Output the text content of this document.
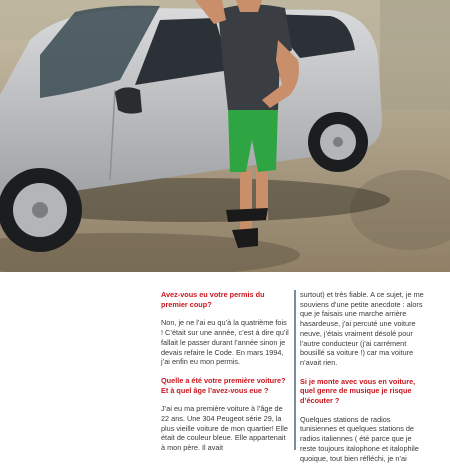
Avez-vous eu votre permis du premier coup?

Non, je ne l’ai eu qu’à la quatrième fois ! C’était sur une année, c’est à dire qu’il fallait le passer durant l’année sinon je devais refaire le Code. En mars 1994, j’ai enfin eu mon permis.

Quelle a été votre première voiture? Et à quel âge l’avez-vous eue ?

J’ai eu ma première voiture à l’âge de 22 ans. Une 304 Peugeot série 29, la plus vieille voiture de mon quartier! Elle était de couleur bleue. Elle appartenait à mon père. Il avait

surtout) et très fiable. A ce sujet, je me souviens d’une petite anecdote : alors que je faisais une marche arrière hasardeuse, j’ai percuté une voiture neuve, j’étais vraiment désolé pour l’autre conducteur (j’ai carrément bousillé sa voiture !) car ma voiture n’avait rien.

Si je monte avec vous en voiture, quel genre de musique je risque d’écouter ?

Quelques stations de radios tunisiennes et quelques stations de radios italiennes ( été parce que je reste toujours italophone et italophile quoique, tout bien réfléchi, je n’ai
